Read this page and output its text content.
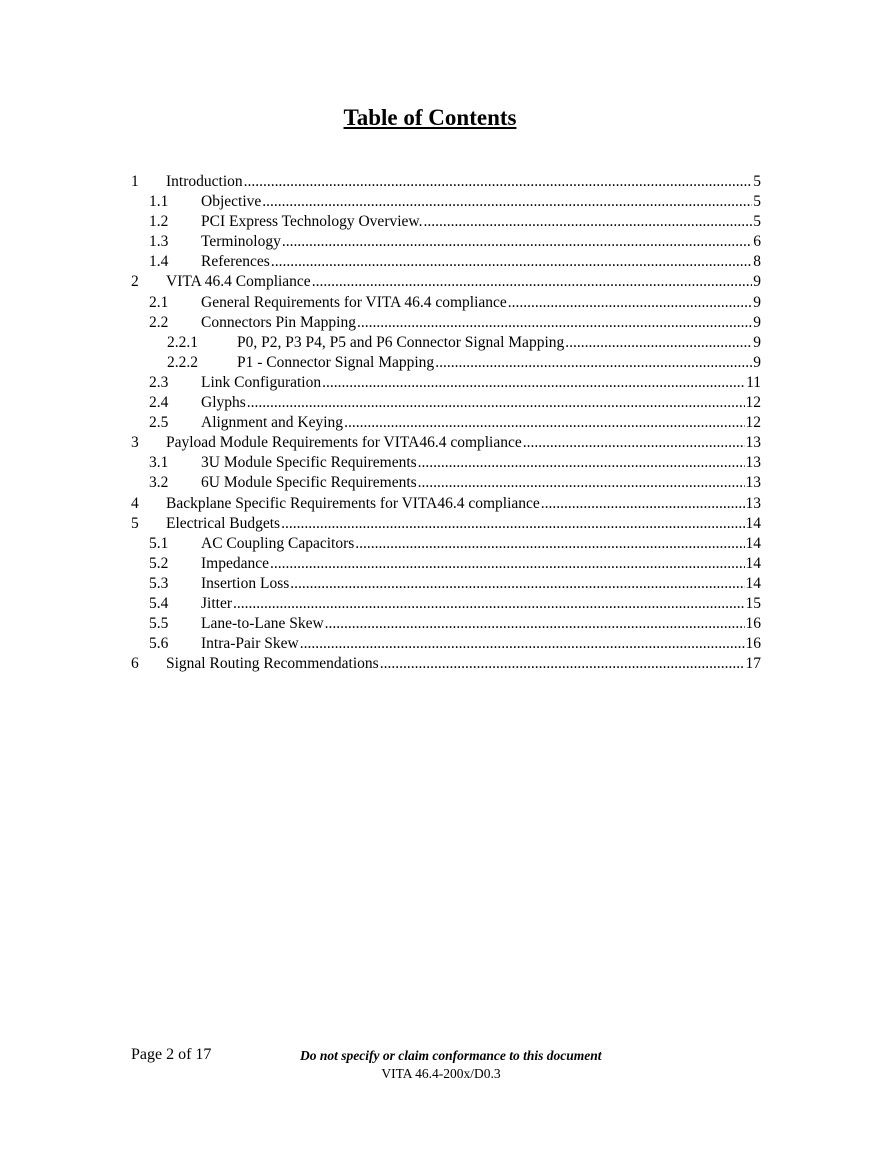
Table of Contents
1	Introduction .....	5
1.1	Objective .....	5
1.2	PCI Express Technology Overview. .....	5
1.3	Terminology .....	6
1.4	References .....	8
2	VITA 46.4 Compliance .....	9
2.1	General Requirements for VITA 46.4 compliance .....	9
2.2	Connectors Pin Mapping .....	9
2.2.1	P0, P2, P3 P4, P5 and P6 Connector Signal Mapping .....	9
2.2.2	P1 - Connector Signal Mapping .....	9
2.3	Link Configuration .....	11
2.4	Glyphs .....	12
2.5	Alignment and Keying .....	12
3	Payload Module Requirements for VITA46.4 compliance .....	13
3.1	3U Module Specific Requirements .....	13
3.2	6U Module Specific Requirements .....	13
4	Backplane Specific Requirements for VITA46.4 compliance .....	13
5	Electrical Budgets .....	14
5.1	AC Coupling Capacitors .....	14
5.2	Impedance .....	14
5.3	Insertion Loss .....	14
5.4	Jitter .....	15
5.5	Lane-to-Lane Skew .....	16
5.6	Intra-Pair Skew .....	16
6	Signal Routing Recommendations .....	17
Page 2 of 17	Do not specify or claim conformance to this document
VITA 46.4-200x/D0.3
